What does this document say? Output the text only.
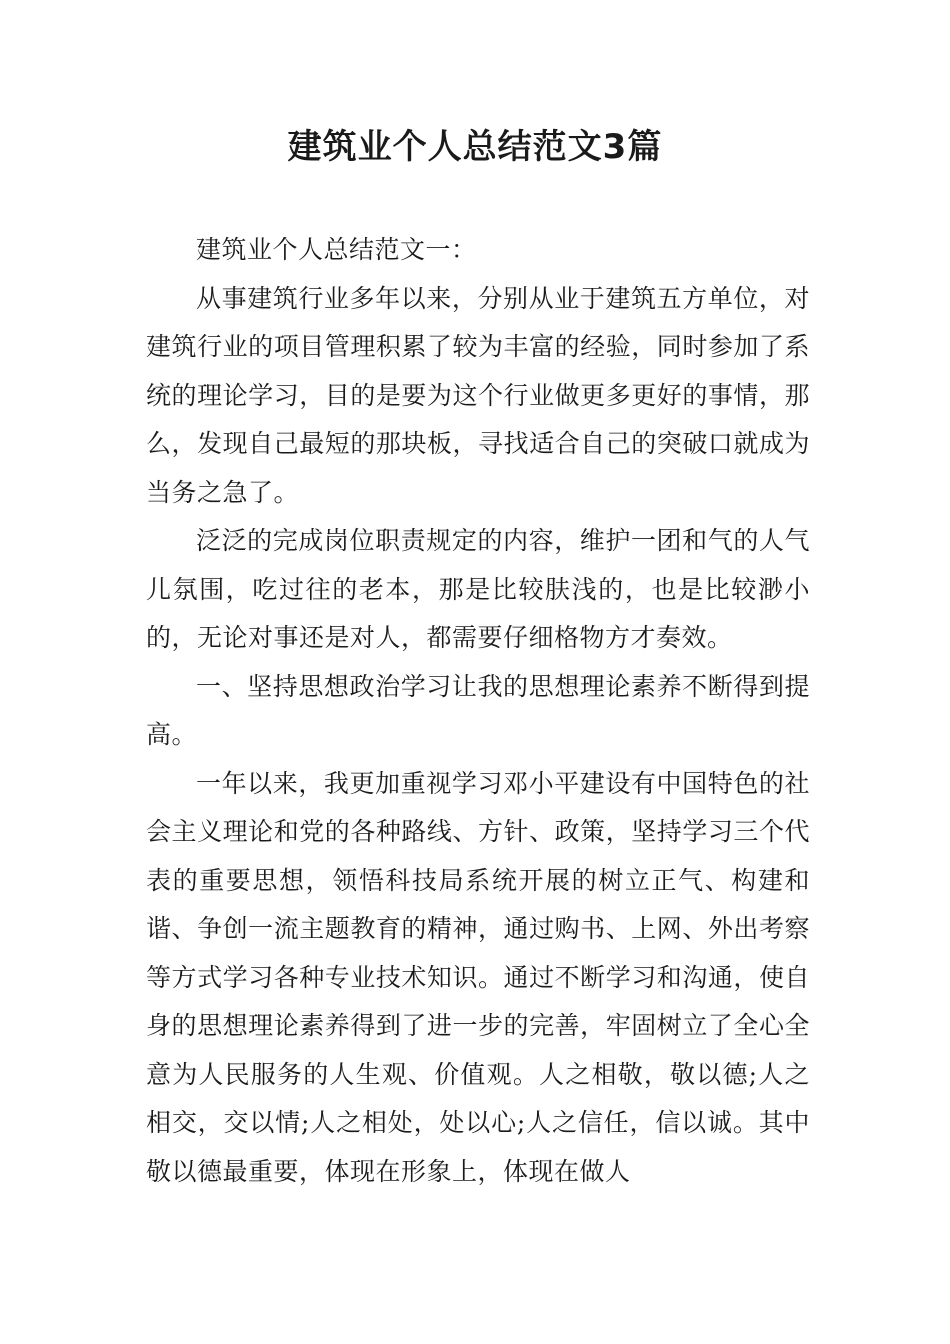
建筑业个人总结范文3篇

建筑业个人总结范文一：

从事建筑行业多年以来，分别从业于建筑五方单位，对建筑行业的项目管理积累了较为丰富的经验，同时参加了系统的理论学习，目的是要为这个行业做更多更好的事情，那么，发现自己最短的那块板，寻找适合自己的突破口就成为当务之急了。

泛泛的完成岗位职责规定的内容，维护一团和气的人气儿氛围，吃过往的老本，那是比较肤浅的，也是比较渺小的，无论对事还是对人，都需要仔细格物方才奏效。

一、坚持思想政治学习让我的思想理论素养不断得到提高。

一年以来，我更加重视学习邓小平建设有中国特色的社会主义理论和党的各种路线、方针、政策，坚持学习三个代表的重要思想，领悟科技局系统开展的树立正气、构建和谐、争创一流主题教育的精神，通过购书、上网、外出考察等方式学习各种专业技术知识。通过不断学习和沟通，使自身的思想理论素养得到了进一步的完善，牢固树立了全心全意为人民服务的人生观、价值观。人之相敬，敬以德;人之相交，交以情;人之相处，处以心;人之信任，信以诚。其中敬以德最重要，体现在形象上，体现在做人
